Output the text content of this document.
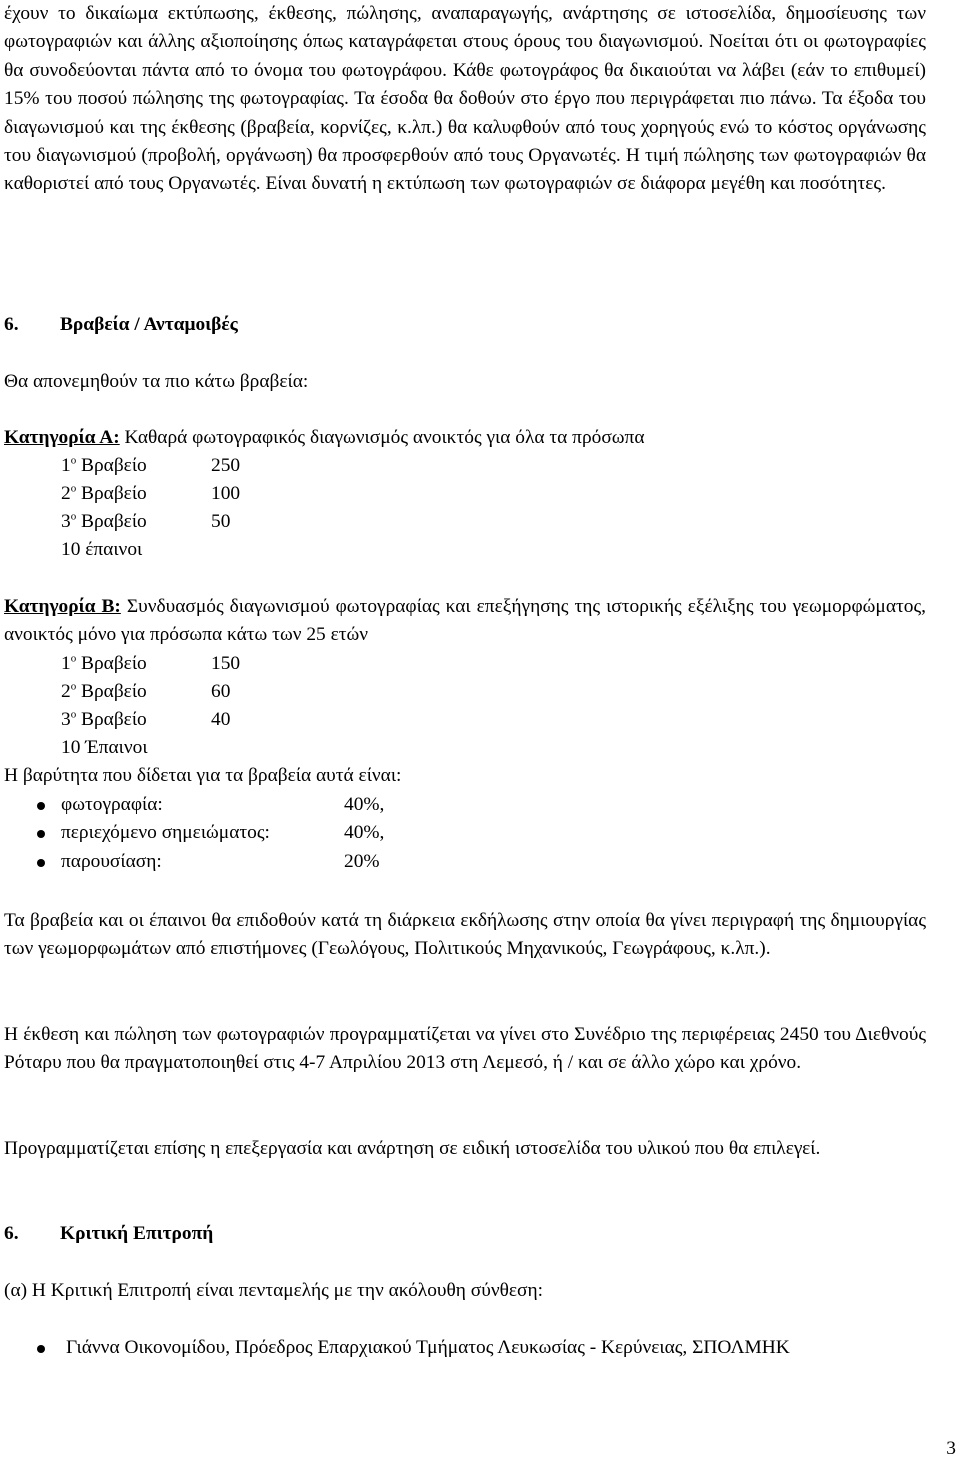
έχουν το δικαίωμα εκτύπωσης, έκθεσης, πώλησης, αναπαραγωγής, ανάρτησης σε ιστοσελίδα, δημοσίευσης των φωτογραφιών και άλλης αξιοποίησης όπως καταγράφεται στους όρους του διαγωνισμού. Νοείται ότι οι φωτογραφίες θα συνοδεύονται πάντα από το όνομα του φωτογράφου. Κάθε φωτογράφος θα δικαιούται να λάβει (εάν το επιθυμεί) 15% του ποσού πώλησης της φωτογραφίας. Τα έσοδα θα δοθούν στο έργο που περιγράφεται πιο πάνω. Τα έξοδα του διαγωνισμού και της έκθεσης (βραβεία, κορνίζες, κ.λπ.) θα καλυφθούν από τους χορηγούς ενώ το κόστος οργάνωσης του διαγωνισμού (προβολή, οργάνωση) θα προσφερθούν από τους Οργανωτές. Η τιμή πώλησης των φωτογραφιών θα καθοριστεί από τους Οργανωτές. Είναι δυνατή η εκτύπωση των φωτογραφιών σε διάφορα μεγέθη και ποσότητες.

6. Βραβεία / Ανταμοιβές

Θα απονεμηθούν τα πιο κάτω βραβεία:

Κατηγορία Α: Καθαρά φωτογραφικός διαγωνισμός ανοικτός για όλα τα πρόσωπα

$1^o$ Βραβείο	250
$2^o$ Βραβείο	100
$3^o$ Βραβείο	50
10 έπαινοι

Κατηγορία Β: Συνδυασμός διαγωνισμού φωτογραφίας και επεξήγησης της ιστορικής εξέλιξης του γεωμορφώματος, ανοικτός μόνο για πρόσωπα κάτω των 25 ετών

$1^o$ Βραβείο	150
$2^o$ Βραβείο	60
$3^o$ Βραβείο	40
10 Έπαινοι

Η βαρύτητα που δίδεται για τα βραβεία αυτά είναι:

φωτογραφία:	40%,
περιεχόμενο σημειώματος:	40%,
παρουσίαση:	20%

Τα βραβεία και οι έπαινοι θα επιδοθούν κατά τη διάρκεια εκδήλωσης στην οποία θα γίνει περιγραφή της δημιουργίας των γεωμορφωμάτων από επιστήμονες (Γεωλόγους, Πολιτικούς Μηχανικούς, Γεωγράφους, κ.λπ.).

Η έκθεση και πώληση των φωτογραφιών προγραμματίζεται να γίνει στο Συνέδριο της περιφέρειας 2450 του Διεθνούς Ρόταρυ που θα πραγματοποιηθεί στις 4-7 Απριλίου 2013 στη Λεμεσό, ή / και σε άλλο χώρο και χρόνο.

Προγραμματίζεται επίσης η επεξεργασία και ανάρτηση σε ειδική ιστοσελίδα του υλικού που θα επιλεγεί.

6. Κριτική Επιτροπή

(α) Η Κριτική Επιτροπή είναι πενταμελής με την ακόλουθη σύνθεση:

Γιάννα Οικονομίδου, Πρόεδρος Επαρχιακού Τμήματος Λευκωσίας - Κερύνειας, ΣΠΟΛΜΗΚ
3
